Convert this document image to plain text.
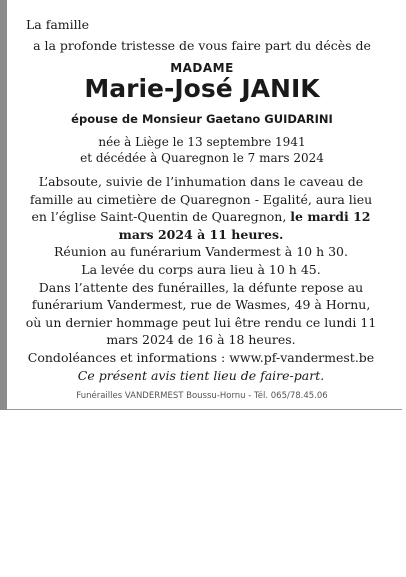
La famille
a la profonde tristesse de vous faire part du décès de
MADAME
Marie-José JANIK
épouse de Monsieur Gaetano GUIDARINI
née à Liège le 13 septembre 1941
et décédée à Quaregnon le 7 mars 2024

L’absoute, suivie de l’inhumation dans le caveau de famille au cimetière de Quaregnon - Egalité, aura lieu en l’église Saint-Quentin de Quaregnon, le mardi 12 mars 2024 à 11 heures.

Réunion au funérarium Vandermest à 10 h 30.

La levée du corps aura lieu à 10 h 45.

Dans l’attente des funérailles, la défunte repose au funérarium Vandermest, rue de Wasmes, 49 à Hornu, où un dernier hommage peut lui être rendu ce lundi 11 mars 2024 de 16 à 18 heures.

Condoléances et informations : www.pf-vandermest.be

Ce présent avis tient lieu de faire-part.

Funérailles VANDERMEST Boussu-Hornu - Tél. 065/78.45.06
